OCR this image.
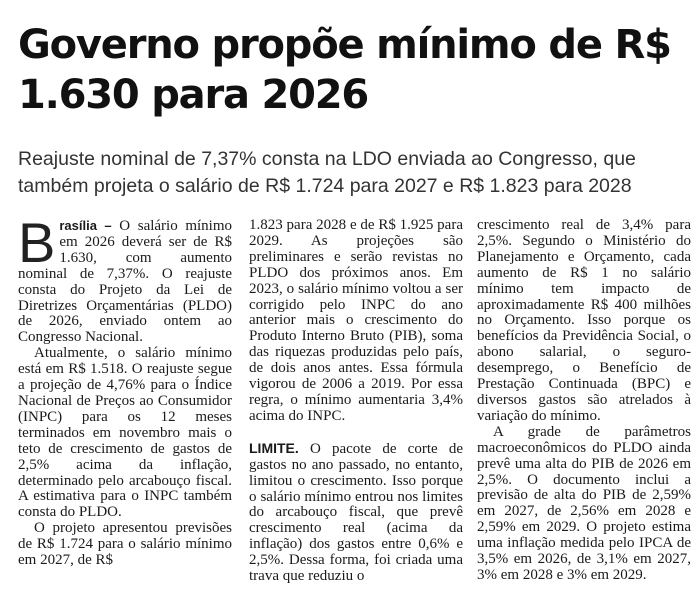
Governo propõe mínimo de R$ 1.630 para 2026
Reajuste nominal de 7,37% consta na LDO enviada ao Congresso, que também projeta o salário de R$ 1.724 para 2027 e R$ 1.823 para 2028

Brasília – O salário mínimo em 2026 deverá ser de R$ 1.630, com aumento nominal de 7,37%. O reajuste consta do Projeto da Lei de Diretrizes Orçamentárias (PLDO) de 2026, enviado ontem ao Congresso Nacional.

Atualmente, o salário mínimo está em R$ 1.518. O reajuste segue a projeção de 4,76% para o Índice Nacional de Preços ao Consumidor (INPC) para os 12 meses terminados em novembro mais o teto de crescimento de gastos de 2,5% acima da inflação, determinado pelo arcabouço fiscal. A estimativa para o INPC também consta do PLDO.

O projeto apresentou previsões de R$ 1.724 para o salário mínimo em 2027, de R$

1.823 para 2028 e de R$ 1.925 para 2029. As projeções são preliminares e serão revistas no PLDO dos próximos anos. Em 2023, o salário mínimo voltou a ser corrigido pelo INPC do ano anterior mais o crescimento do Produto Interno Bruto (PIB), soma das riquezas produzidas pelo país, de dois anos antes. Essa fórmula vigorou de 2006 a 2019. Por essa regra, o mínimo aumentaria 3,4% acima do INPC.

LIMITE. O pacote de corte de gastos no ano passado, no entanto, limitou o crescimento. Isso porque o salário mínimo entrou nos limites do arcabouço fiscal, que prevê crescimento real (acima da inflação) dos gastos entre 0,6% e 2,5%. Dessa forma, foi criada uma trava que reduziu o

crescimento real de 3,4% para 2,5%. Segundo o Ministério do Planejamento e Orçamento, cada aumento de R$ 1 no salário mínimo tem impacto de aproximadamente R$ 400 milhões no Orçamento. Isso porque os benefícios da Previdência Social, o abono salarial, o seguro-desemprego, o Benefício de Prestação Continuada (BPC) e diversos gastos são atrelados à variação do mínimo.

A grade de parâmetros macroeconômicos do PLDO ainda prevê uma alta do PIB de 2026 em 2,5%. O documento inclui a previsão de alta do PIB de 2,59% em 2027, de 2,56% em 2028 e 2,59% em 2029. O projeto estima uma inflação medida pelo IPCA de 3,5% em 2026, de 3,1% em 2027, 3% em 2028 e 3% em 2029.
